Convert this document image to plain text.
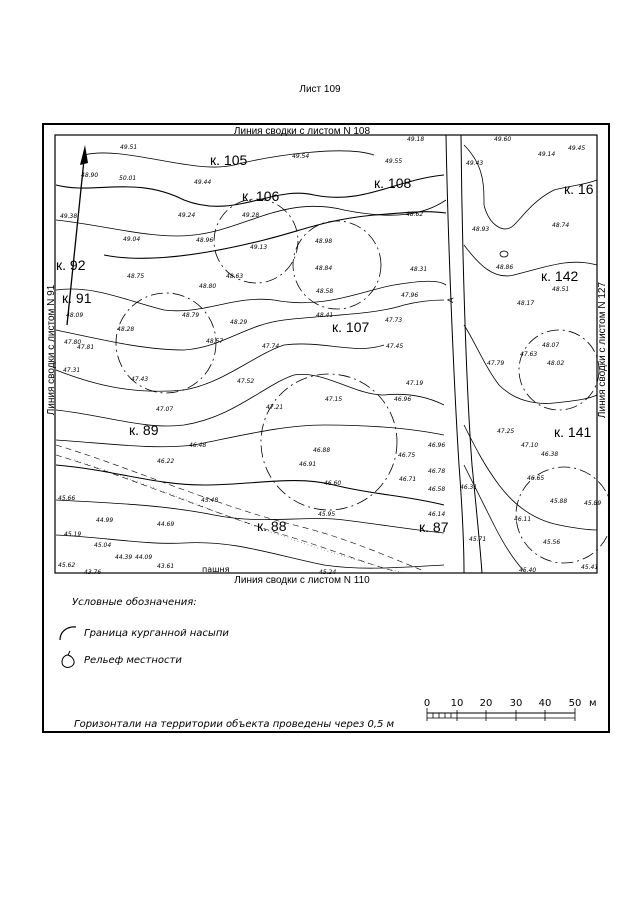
Лист 109
Линия сводки с листом N 108
Линия сводки с листом N 110
Линия сводки с листом N 91	Линия сводки с листом N 127
к. 105
к. 106
к. 108	к. 16
к. 92
к. 91
к. 142
к. 107
к. 89	к. 141
к. 88	к. 87
А
пашня
49.51
49.54
49.55
49.18	49.60
49.14
49.45
49.43
48.90	50.01
49.44
49.38	49.24	49.28	48.62
48.93
48.74
49.04	48.96
49.13
48.98
48.84	48.31	48.86
48.51
48.75	48.63
48.80
48.58
47.96
48.17
48.09	48.79
48.29
48.41
47.73
48.07
48.28
47.80
47.81
48.57
47.74	47.45
47.63
48.02
47.31
47.79
47.43	47.52	47.19
47.15	46.96
47.21
47.07
47.25
47.10
46.48
46.88
46.38
46.22	46.91
46.75
46.96
46.78
46.71
46.58 46.31
46.60
46.65
45.66	45.48
45.95	46.14
45.88	45.89
44.99
44.69
45.19
46.11
45.04
44.39
45.56
45.71
44.09
45.62	43.61
43.76	45.24	45.40	45.41
Условные обозначения:
Граница курганной насыпи
Рельеф местности
Горизонтали на территории объекта проведены через 0,5 м
0 10 20 30 40 50 м
